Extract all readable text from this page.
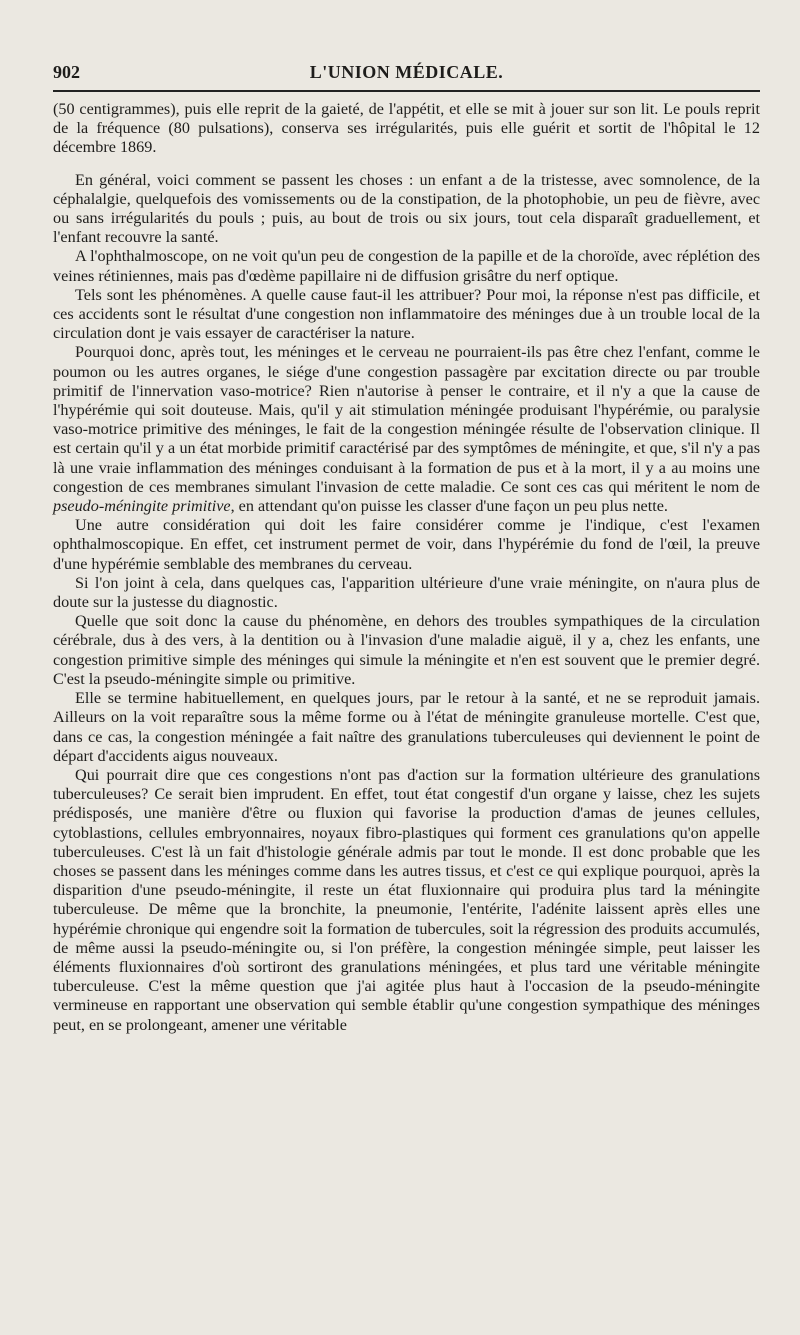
902	L'UNION MÉDICALE.

(50 centigrammes), puis elle reprit de la gaieté, de l'appétit, et elle se mit à jouer sur son lit. Le pouls reprit de la fréquence (80 pulsations), conserva ses irrégularités, puis elle guérit et sortit de l'hôpital le 12 décembre 1869.

En général, voici comment se passent les choses : un enfant a de la tristesse, avec somnolence, de la céphalalgie, quelquefois des vomissements ou de la constipation, de la photophobie, un peu de fièvre, avec ou sans irrégularités du pouls ; puis, au bout de trois ou six jours, tout cela disparaît graduellement, et l'enfant recouvre la santé.

A l'ophthalmoscope, on ne voit qu'un peu de congestion de la papille et de la choroïde, avec réplétion des veines rétiniennes, mais pas d'œdème papillaire ni de diffusion grisâtre du nerf optique.

Tels sont les phénomènes. A quelle cause faut-il les attribuer? Pour moi, la réponse n'est pas difficile, et ces accidents sont le résultat d'une congestion non inflammatoire des méninges due à un trouble local de la circulation dont je vais essayer de caractériser la nature.

Pourquoi donc, après tout, les méninges et le cerveau ne pourraient-ils pas être chez l'enfant, comme le poumon ou les autres organes, le siége d'une congestion passagère par excitation directe ou par trouble primitif de l'innervation vaso-motrice? Rien n'autorise à penser le contraire, et il n'y a que la cause de l'hypérémie qui soit douteuse. Mais, qu'il y ait stimulation méningée produisant l'hypérémie, ou paralysie vaso-motrice primitive des méninges, le fait de la congestion méningée résulte de l'observation clinique. Il est certain qu'il y a un état morbide primitif caractérisé par des symptômes de méningite, et que, s'il n'y a pas là une vraie inflammation des méninges conduisant à la formation de pus et à la mort, il y a au moins une congestion de ces membranes simulant l'invasion de cette maladie. Ce sont ces cas qui méritent le nom de pseudo-méningite primitive, en attendant qu'on puisse les classer d'une façon un peu plus nette.

Une autre considération qui doit les faire considérer comme je l'indique, c'est l'examen ophthalmoscopique. En effet, cet instrument permet de voir, dans l'hypérémie du fond de l'œil, la preuve d'une hypérémie semblable des membranes du cerveau.

Si l'on joint à cela, dans quelques cas, l'apparition ultérieure d'une vraie méningite, on n'aura plus de doute sur la justesse du diagnostic.

Quelle que soit donc la cause du phénomène, en dehors des troubles sympathiques de la circulation cérébrale, dus à des vers, à la dentition ou à l'invasion d'une maladie aiguë, il y a, chez les enfants, une congestion primitive simple des méninges qui simule la méningite et n'en est souvent que le premier degré. C'est la pseudo-méningite simple ou primitive.

Elle se termine habituellement, en quelques jours, par le retour à la santé, et ne se reproduit jamais. Ailleurs on la voit reparaître sous la même forme ou à l'état de méningite granuleuse mortelle. C'est que, dans ce cas, la congestion méningée a fait naître des granulations tuberculeuses qui deviennent le point de départ d'accidents aigus nouveaux.

Qui pourrait dire que ces congestions n'ont pas d'action sur la formation ultérieure des granulations tuberculeuses? Ce serait bien imprudent. En effet, tout état congestif d'un organe y laisse, chez les sujets prédisposés, une manière d'être ou fluxion qui favorise la production d'amas de jeunes cellules, cytoblastions, cellules embryonnaires, noyaux fibro-plastiques qui forment ces granulations qu'on appelle tuberculeuses. C'est là un fait d'histologie générale admis par tout le monde. Il est donc probable que les choses se passent dans les méninges comme dans les autres tissus, et c'est ce qui explique pourquoi, après la disparition d'une pseudo-méningite, il reste un état fluxionnaire qui produira plus tard la méningite tuberculeuse. De même que la bronchite, la pneumonie, l'entérite, l'adénite laissent après elles une hypérémie chronique qui engendre soit la formation de tubercules, soit la régression des produits accumulés, de même aussi la pseudo-méningite ou, si l'on préfère, la congestion méningée simple, peut laisser les éléments fluxionnaires d'où sortiront des granulations méningées, et plus tard une véritable méningite tuberculeuse. C'est la même question que j'ai agitée plus haut à l'occasion de la pseudo-méningite vermineuse en rapportant une observation qui semble établir qu'une congestion sympathique des méninges peut, en se prolongeant, amener une véritable
